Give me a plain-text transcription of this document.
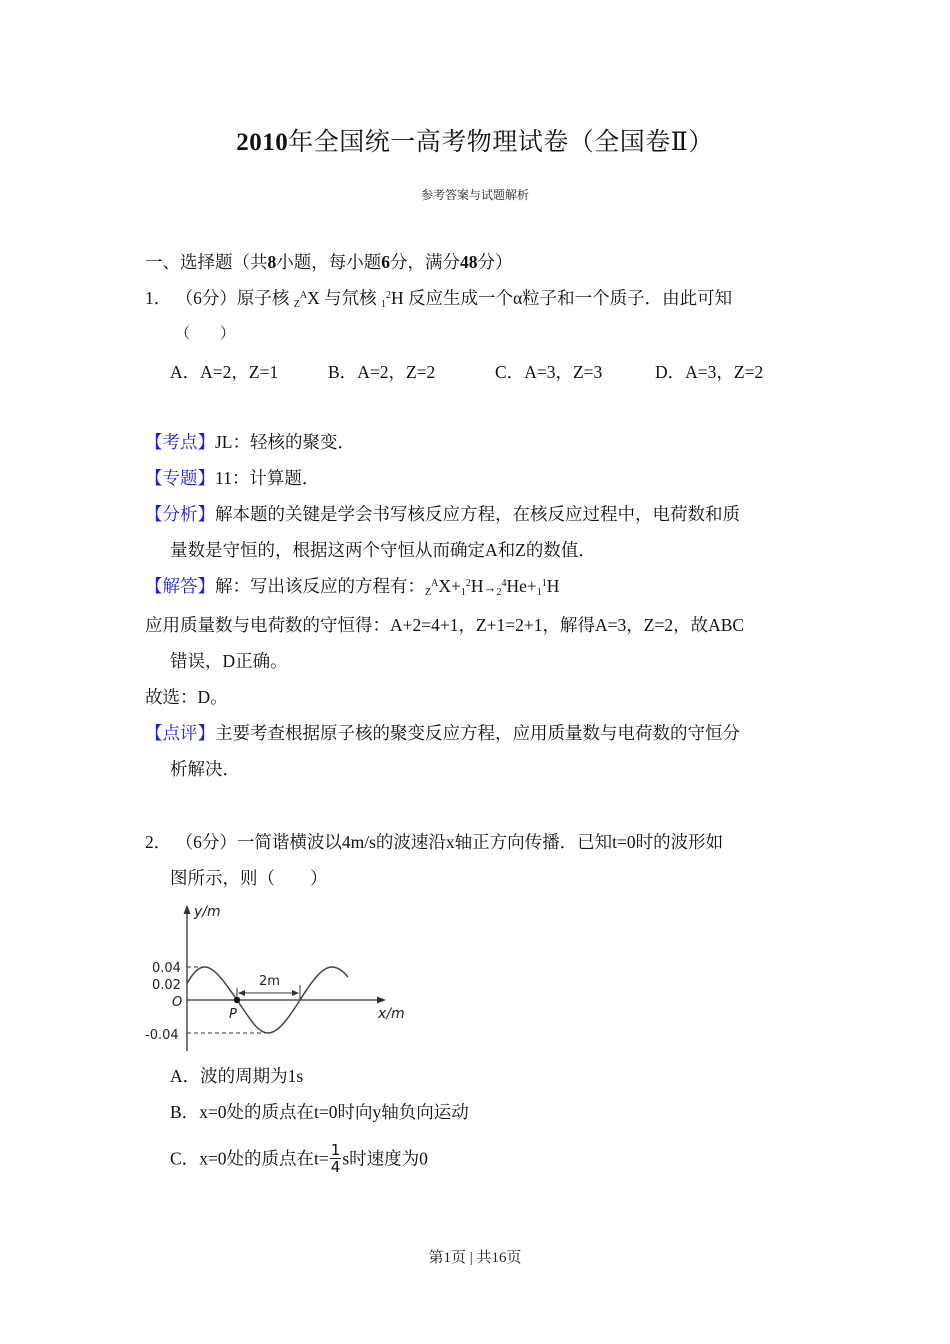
2010年全国统一高考物理试卷（全国卷Ⅱ）
参考答案与试题解析
一、选择题（共8小题，每小题6分，满分48分）
1． （6分）原子核 $_Z^A$X 与氘核 $_1^2$H 反应生成一个α粒子和一个质子．由此可知
（　　）
A．A=2，Z=1	B．A=2，Z=2	C．A=3，Z=3	D．A=3，Z=2
【考点】JL：轻核的聚变．
【专题】11：计算题．
【分析】解本题的关键是学会书写核反应方程，在核反应过程中，电荷数和质
量数是守恒的，根据这两个守恒从而确定A和Z的数值．
【解答】解：写出该反应的方程有：$_Z^AX+_1^2H\to_2^4He+_1^1H$
应用质量数与电荷数的守恒得：A+2=4+1，Z+1=2+1，解得A=3，Z=2，故ABC
错误，D正确。
故选：D。
【点评】主要考查根据原子核的聚变反应方程，应用质量数与电荷数的守恒分
析解决．
2． （6分）一简谐横波以4m/s的波速沿x轴正方向传播．已知t=0时的波形如
图所示，则（　　）
y/m
x/m
0.04
0.02
-0.04
O
P
2m
A．波的周期为1s
B．x=0处的质点在t=0时向y轴负向运动
C．x=0处的质点在$t= \frac{1}{4}$ s时速度为0
第1页 | 共16页
